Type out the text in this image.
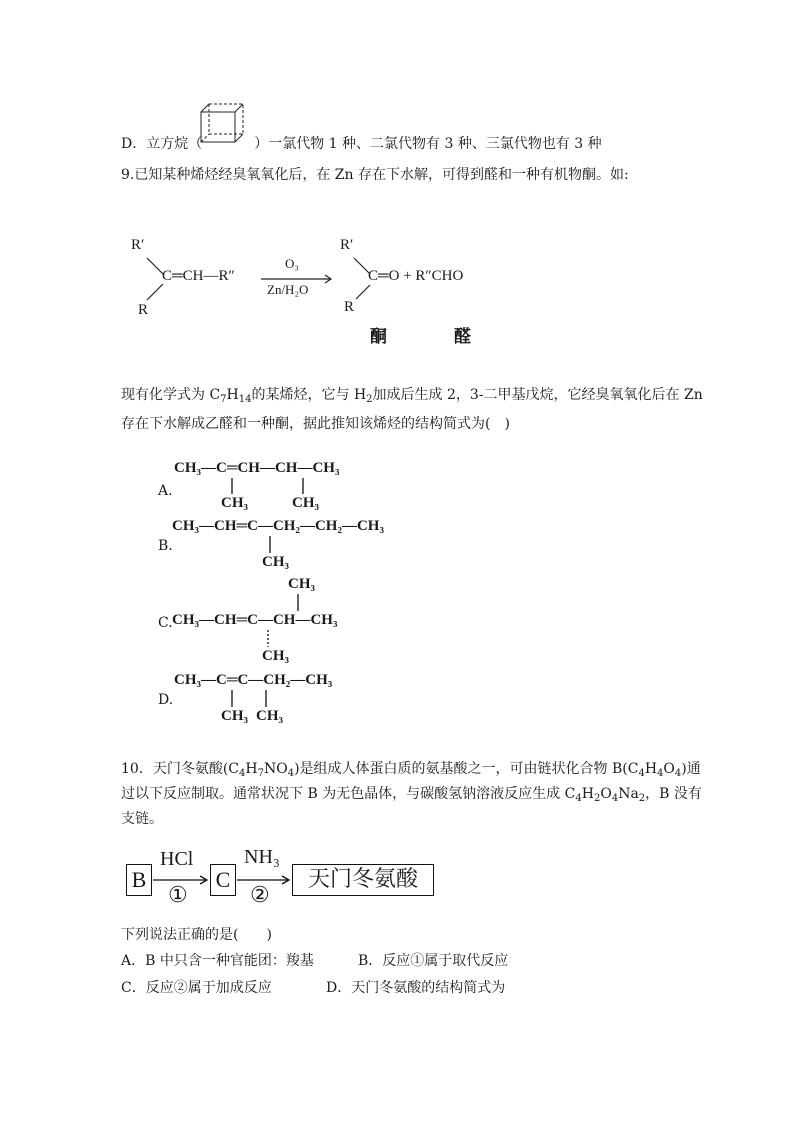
D．立方烷（	）一氯代物 1 种、二氯代物有 3 种、三氯代物也有 3 种
9.已知某种烯烃经臭氧氧化后，在 Zn 存在下水解，可得到醛和一种有机物酮。如:
R′
R
C═CH—R″
O₃
Zn/H₂O
R′
R
C═O + R″CHO
酮	醛
现有化学式为 $C_7H_{14}$的某烯烃，它与 $H_2$加成后生成 2，3-二甲基戊烷，它经臭氧氧化后在 Zn
存在下水解成乙醛和一种酮，据此推知该烯烃的结构简式为(　)
A.
CH₃—C═CH—CH—CH₃
CH₃	CH₃
B.
CH₃—CH═C—CH₂—CH₂—CH₃
CH₃
CH₃
C. CH₃—CH═C—CH—CH₃
CH₃
D.
CH₃—C═C—CH₂—CH₃
CH₃ CH₃
10．天门冬氨酸$(C_4H_7NO_4)$是组成人体蛋白质的氨基酸之一，可由链状化合物 $B(C_4H_4O_4)$通
过以下反应制取。通常状况下 B 为无色晶体，与碳酸氢钠溶液反应生成 $C_4H_2O_4Na_2$，B 没有
支链。
B
HCl
①
C
NH₃
②
天门冬氨酸
下列说法正确的是(　　)
A．B 中只含一种官能团：羧基	B．反应①属于取代反应
C．反应②属于加成反应	D．天门冬氨酸的结构简式为
